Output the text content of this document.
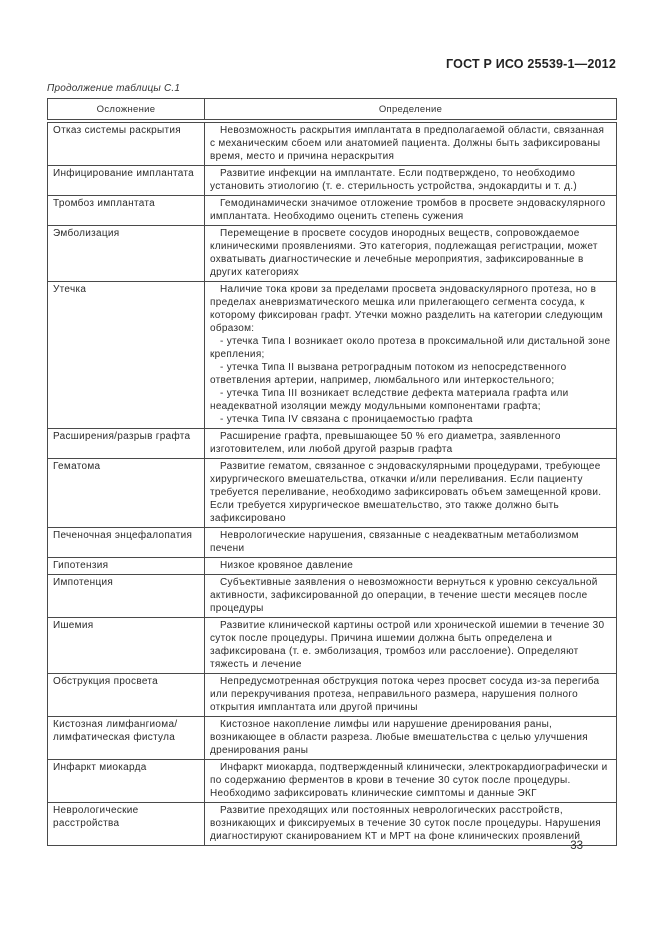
ГОСТ Р ИСО 25539-1—2012
Продолжение таблицы С.1
Осложнение	Определение
Отказ системы раскрытия	Невозможность раскрытия имплантата в предполагаемой области, связанная с механическим сбоем или анатомией пациента. Должны быть зафиксированы время, место и причина нераскрытия

Инфицирование имплантата	Развитие инфекции на имплантате. Если подтверждено, то необходимо установить этиологию (т. е. стерильность устройства, эндокардиты и т. д.)

Тромбоз имплантата	Гемодинамически значимое отложение тромбов в просвете эндоваскулярного имплантата. Необходимо оценить степень сужения

Эмболизация	Перемещение в просвете сосудов инородных веществ, сопровождаемое клиническими проявлениями. Это категория, подлежащая регистрации, может охватывать диагностические и лечебные мероприятия, зафиксированные в других категориях

Утечка	Наличие тока крови за пределами просвета эндоваскулярного протеза, но в пределах аневризматического мешка или прилегающего сегмента сосуда, к которому фиксирован графт. Утечки можно разделить на категории следующим образом:

- утечка Типа I возникает около протеза в проксимальной или дистальной зоне крепления;

- утечка Типа II вызвана ретроградным потоком из непосредственного ответвления артерии, например, люмбального или интеркостельного;

- утечка Типа III возникает вследствие дефекта материала графта или неадекватной изоляции между модульными компонентами графта;

- утечка Типа IV связана с проницаемостью графта

Расширения/разрыв графта	Расширение графта, превышающее 50 % его диаметра, заявленного изготовителем, или любой другой разрыв графта

Гематома	Развитие гематом, связанное с эндоваскулярными процедурами, требующее хирургического вмешательства, откачки и/или переливания. Если пациенту требуется переливание, необходимо зафиксировать объем замещенной крови. Если требуется хирургическое вмешательство, это также должно быть зафиксировано

Печеночная энцефалопатия	Неврологические нарушения, связанные с неадекватным метаболизмом печени

Гипотензия	Низкое кровяное давление

Импотенция	Субъективные заявления о невозможности вернуться к уровню сексуальной активности, зафиксированной до операции, в течение шести месяцев после процедуры

Ишемия	Развитие клинической картины острой или хронической ишемии в течение 30 суток после процедуры. Причина ишемии должна быть определена и зафиксирована (т. е. эмболизация, тромбоз или расслоение). Определяют тяжесть и лечение

Обструкция просвета	Непредусмотренная обструкция потока через просвет сосуда из-за перегиба или перекручивания протеза, неправильного размера, нарушения полного открытия имплантата или другой причины

Кистозная лимфангиома/лимфатическая фистула	Кистозное накопление лимфы или нарушение дренирования раны, возникающее в области разреза. Любые вмешательства с целью улучшения дренирования раны

Инфаркт миокарда	Инфаркт миокарда, подтвержденный клинически, электрокардиографически и по содержанию ферментов в крови в течение 30 суток после процедуры. Необходимо зафиксировать клинические симптомы и данные ЭКГ

Неврологические расстройства	Развитие преходящих или постоянных неврологических расстройств, возникающих и фиксируемых в течение 30 суток после процедуры. Нарушения диагностируют сканированием КТ и МРТ на фоне клинических проявлений

33
